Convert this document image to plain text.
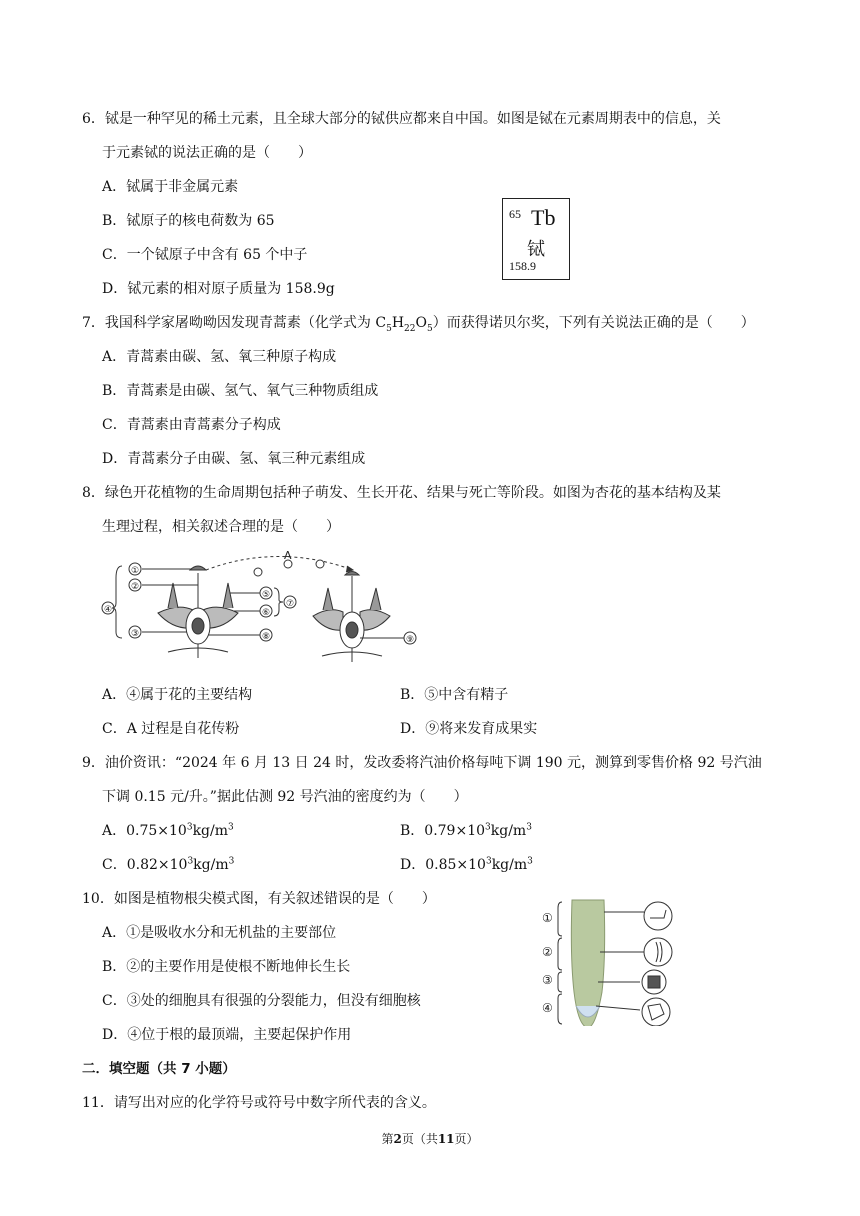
6．铽是一种罕见的稀土元素，且全球大部分的铽供应都来自中国。如图是铽在元素周期表中的信息，关
于元素铽的说法正确的是（　　）
A．铽属于非金属元素
B．铽原子的核电荷数为 65
C．一个铽原子中含有 65 个中子
D．铽元素的相对原子质量为 158.9g
65 Tb
铽
158.9
7．我国科学家屠呦呦因发现青蒿素（化学式为 $C_5H_{22}O_5$）而获得诺贝尔奖，下列有关说法正确的是（　　）
A．青蒿素由碳、氢、氧三种原子构成
B．青蒿素是由碳、氢气、氧气三种物质组成
C．青蒿素由青蒿素分子构成
D．青蒿素分子由碳、氢、氧三种元素组成
8．绿色开花植物的生命周期包括种子萌发、生长开花、结果与死亡等阶段。如图为杏花的基本结构及某
生理过程，相关叙述合理的是（　　）
①
②
④
③
⑤
⑥
⑦
⑧
A
⑨
A．④属于花的主要结构	B．⑤中含有精子
C．A 过程是自花传粉	D．⑨将来发育成果实
9．油价资讯：“2024 年 6 月 13 日 24 时，发改委将汽油价格每吨下调 190 元，测算到零售价格 92 号汽油
下调 0.15 元/升。”据此估测 92 号汽油的密度约为（　　）
A．$0.75\times 10^3kg/m^3$	B．$0.79\times 10^3kg/m^3$
C．$0.82\times 10^3kg/m^3$	D．$0.85\times 10^3kg/m^3$
10．如图是植物根尖模式图，有关叙述错误的是（　　）
A．①是吸收水分和无机盐的主要部位
B．②的主要作用是使根不断地伸长生长
C．③处的细胞具有很强的分裂能力，但没有细胞核
D．④位于根的最顶端，主要起保护作用
①
②
③
④
二．填空题（共 7 小题）
11．请写出对应的化学符号或符号中数字所代表的含义。
第2页（共11页）
